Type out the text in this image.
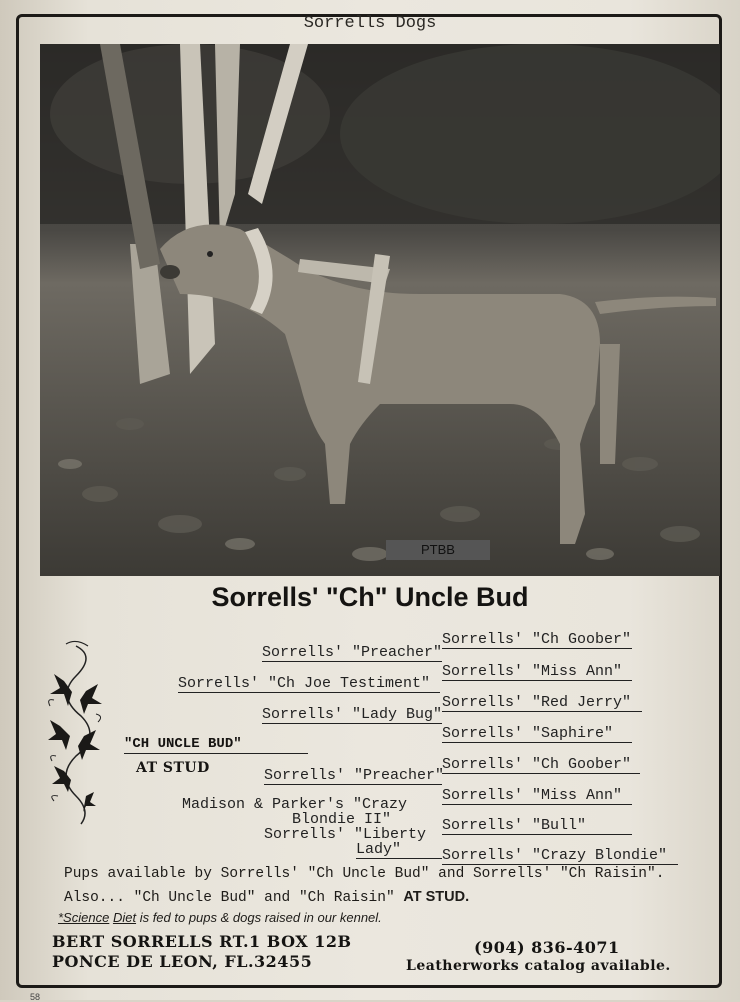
Sorrells Dogs
PTBB
Sorrells' "Ch" Uncle Bud
"CH UNCLE BUD"
AT STUD
Sorrells' "Preacher"
Sorrells' "Ch Goober"
Sorrells' "Miss Ann"
Sorrells' "Ch Joe Testiment"
Sorrells' "Lady Bug"
Sorrells' "Red Jerry"
Sorrells' "Saphire"
Sorrells' "Preacher"
Sorrells' "Ch Goober"
Sorrells' "Miss Ann"
Madison & Parker's "Crazy
Blondie II"
Sorrells' "Liberty
Lady"
Sorrells' "Bull"
Sorrells' "Crazy Blondie"
Pups available by Sorrells' "Ch Uncle Bud" and Sorrells' "Ch Raisin".
Also... "Ch Uncle Bud" and "Ch Raisin" AT STUD.
*Science Diet is fed to pups & dogs raised in our kennel.
BERT SORRELLS RT.1 BOX 12B
PONCE DE LEON, FL.32455
(904) 836-4071
Leatherworks catalog available.
58
